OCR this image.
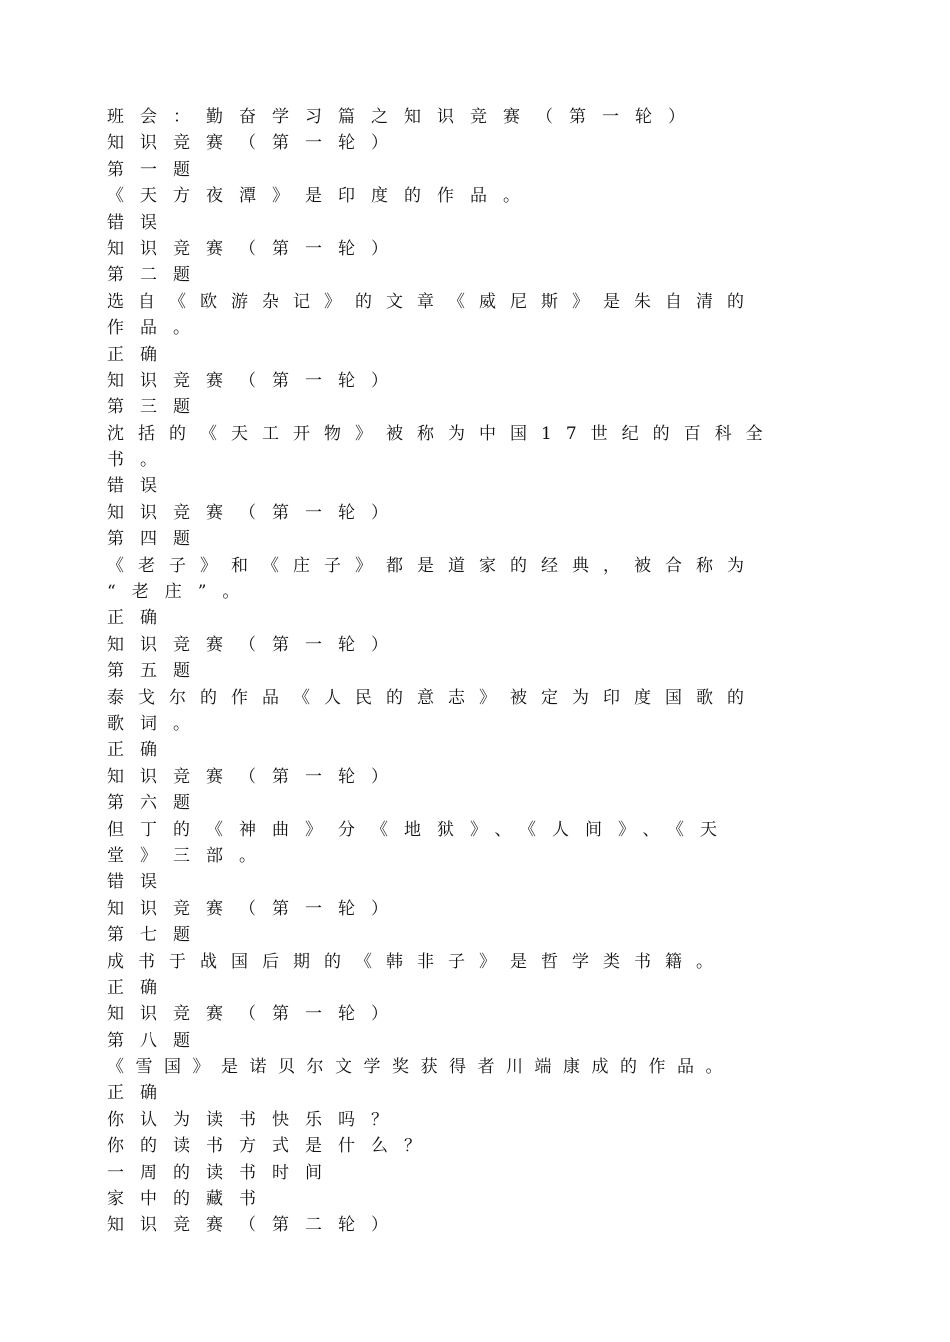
班会：勤奋学习篇之知识竞赛（第一轮）
知识竞赛（第一轮）
第一题
《天方夜潭》是印度的作品。
错误
知识竞赛（第一轮）
第二题
选自《欧游杂记》的文章《威尼斯》是朱自清的
作品。
正确
知识竞赛（第一轮）
第三题
沈括的《天工开物》被称为中国17世纪的百科全
书。
错误
知识竞赛（第一轮）
第四题
《老子》和《庄子》都是道家的经典，被合称为
“老庄”。
正确
知识竞赛（第一轮）
第五题
泰戈尔的作品《人民的意志》被定为印度国歌的
歌词。
正确
知识竞赛（第一轮）
第六题
但丁的《神曲》分《地狱》、《人间》、《天
堂》三部。
错误
知识竞赛（第一轮）
第七题
成书于战国后期的《韩非子》是哲学类书籍。
正确
知识竞赛（第一轮）
第八题
《雪国》是诺贝尔文学奖获得者川端康成的作品。
正确
你认为读书快乐吗？
你的读书方式是什么？
一周的读书时间
家中的藏书
知识竞赛（第二轮）
